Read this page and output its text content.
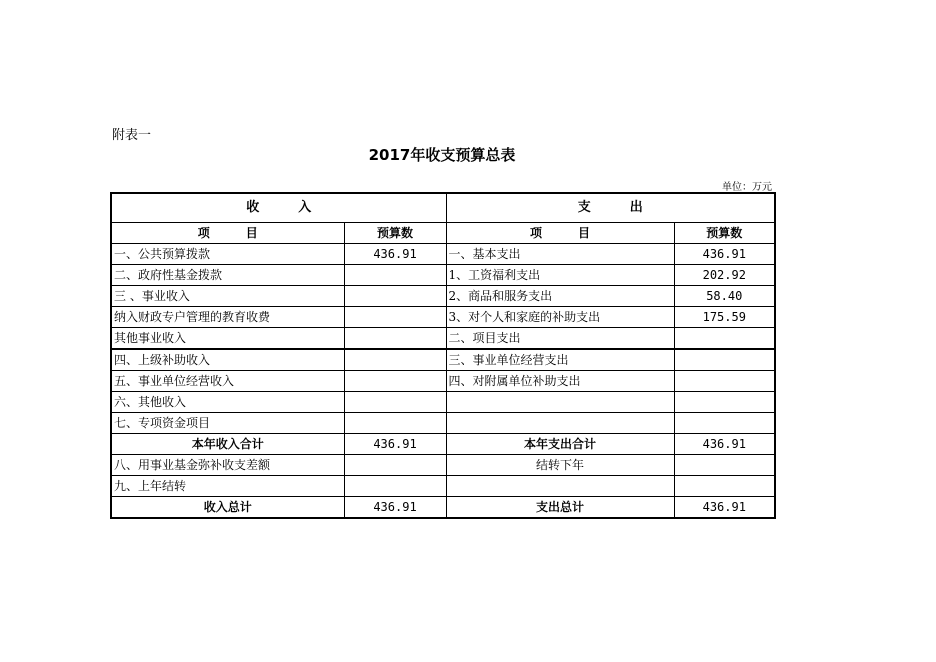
附表一
2017年收支预算总表
单位：万元
收　　　入		支　　　出	
项　　　目	预算数	项　　　目	预算数
一、公共预算拨款	436.91	一、基本支出	436.91
二、政府性基金拨款		1、工资福利支出	202.92
三 、事业收入		2、商品和服务支出	58.40
纳入财政专户管理的教育收费		3、对个人和家庭的补助支出	175.59
其他事业收入		二、项目支出	
四、上级补助收入		三、事业单位经营支出	
五、事业单位经营收入		四、对附属单位补助支出	
六、其他收入			
七、专项资金项目			
本年收入合计	436.91	本年支出合计	436.91
八、用事业基金弥补收支差额		结转下年	
九、上年结转			
收入总计	436.91	支出总计	436.91
